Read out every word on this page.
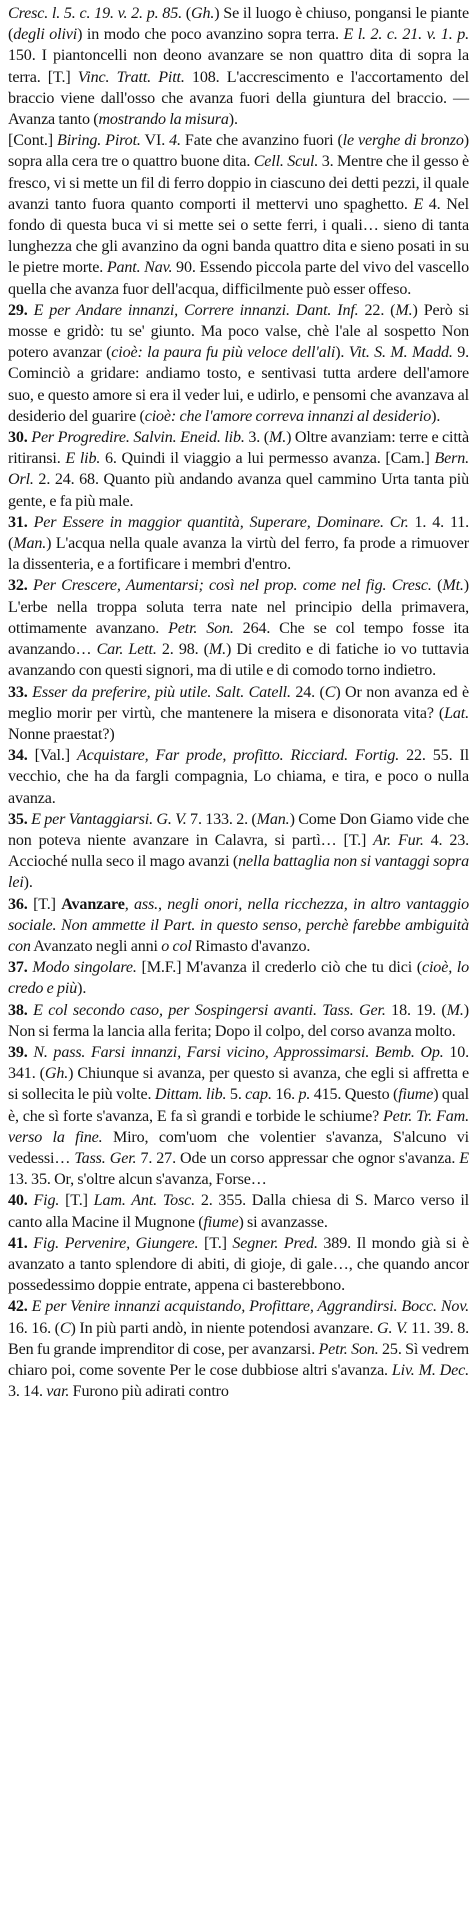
Cresc. l. 5. c. 19. v. 2. p. 85. (Gh.) Se il luogo è chiuso, pongansi le piante (degli olivi) in modo che poco avanzino sopra terra. E l. 2. c. 21. v. 1. p. 150. I piantoncelli non deono avanzare se non quattro dita di sopra la terra. [T.] Vinc. Tratt. Pitt. 108. L'accrescimento e l'accortamento del braccio viene dall'osso che avanza fuori della giuntura del braccio. — Avanza tanto (mostrando la misura).

[Cont.] Biring. Pirot. VI. 4. Fate che avanzino fuori (le verghe di bronzo) sopra alla cera tre o quattro buone dita. Cell. Scul. 3. Mentre che il gesso è fresco, vi si mette un fil di ferro doppio in ciascuno dei detti pezzi, il quale avanzi tanto fuora quanto comporti il mettervi uno spaghetto. E 4. Nel fondo di questa buca vi si mette sei o sette ferri, i quali… sieno di tanta lunghezza che gli avanzino da ogni banda quattro dita e sieno posati in su le pietre morte. Pant. Nav. 90. Essendo piccola parte del vivo del vascello quella che avanza fuor dell'acqua, difficilmente può esser offeso.

29. E per Andare innanzi, Correre innanzi. Dant. Inf. 22. (M.) Però si mosse e gridò: tu se' giunto. Ma poco valse, chè l'ale al sospetto Non potero avanzar (cioè: la paura fu più veloce dell'ali). Vit. S. M. Madd. 9. Cominciò a gridare: andiamo tosto, e sentivasi tutta ardere dell'amore suo, e questo amore si era il veder lui, e udirlo, e pensomi che avanzava al desiderio del guarire (cioè: che l'amore correva innanzi al desiderio).

30. Per Progredire. Salvin. Eneid. lib. 3. (M.) Oltre avanziam: terre e città ritiransi. E lib. 6. Quindi il viaggio a lui permesso avanza. [Cam.] Bern. Orl. 2. 24. 68. Quanto più andando avanza quel cammino Urta tanta più gente, e fa più male.

31. Per Essere in maggior quantità, Superare, Dominare. Cr. 1. 4. 11. (Man.) L'acqua nella quale avanza la virtù del ferro, fa prode a rimuover la dissenteria, e a fortificare i membri d'entro.

32. Per Crescere, Aumentarsi; così nel prop. come nel fig. Cresc. (Mt.) L'erbe nella troppa soluta terra nate nel principio della primavera, ottimamente avanzano. Petr. Son. 264. Che se col tempo fosse ita avanzando… Car. Lett. 2. 98. (M.) Di credito e di fatiche io vo tuttavia avanzando con questi signori, ma di utile e di comodo torno indietro.

33. Esser da preferire, più utile. Salt. Catell. 24. (C) Or non avanza ed è meglio morir per virtù, che mantenere la misera e disonorata vita? (Lat. Nonne praestat?)

34. [Val.] Acquistare, Far prode, profitto. Ricciard. Fortig. 22. 55. Il vecchio, che ha da fargli compagnia, Lo chiama, e tira, e poco o nulla avanza.

35. E per Vantaggiarsi. G. V. 7. 133. 2. (Man.) Come Don Giamo vide che non poteva niente avanzare in Calavra, si partì… [T.] Ar. Fur. 4. 23. Accioché nulla seco il mago avanzi (nella battaglia non si vantaggi sopra lei).

36. [T.] Avanzare, ass., negli onori, nella ricchezza, in altro vantaggio sociale. Non ammette il Part. in questo senso, perchè farebbe ambiguità con Avanzato negli anni o col Rimasto d'avanzo.

37. Modo singolare. [M.F.] M'avanza il crederlo ciò che tu dici (cioè, lo credo e più).

38. E col secondo caso, per Sospingersi avanti. Tass. Ger. 18. 19. (M.) Non si ferma la lancia alla ferita; Dopo il colpo, del corso avanza molto.

39. N. pass. Farsi innanzi, Farsi vicino, Approssimarsi. Bemb. Op. 10. 341. (Gh.) Chiunque si avanza, per questo si avanza, che egli si affretta e si sollecita le più volte. Dittam. lib. 5. cap. 16. p. 415. Questo (fiume) qual è, che sì forte s'avanza, E fa sì grandi e torbide le schiume? Petr. Tr. Fam. verso la fine. Miro, com'uom che volentier s'avanza, S'alcuno vi vedessi… Tass. Ger. 7. 27. Ode un corso appressar che ognor s'avanza. E 13. 35. Or, s'oltre alcun s'avanza, Forse…

40. Fig. [T.] Lam. Ant. Tosc. 2. 355. Dalla chiesa di S. Marco verso il canto alla Macine il Mugnone (fiume) si avanzasse.

41. Fig. Pervenire, Giungere. [T.] Segner. Pred. 389. Il mondo già si è avanzato a tanto splendore di abiti, di gioje, di gale…, che quando ancor possedessimo doppie entrate, appena ci basterebbono.

42. E per Venire innanzi acquistando, Profittare, Aggrandirsi. Bocc. Nov. 16. 16. (C) In più parti andò, in niente potendosi avanzare. G. V. 11. 39. 8. Ben fu grande imprenditor di cose, per avanzarsi. Petr. Son. 25. Sì vedrem chiaro poi, come sovente Per le cose dubbiose altri s'avanza. Liv. M. Dec. 3. 14. var. Furono più adirati contro
